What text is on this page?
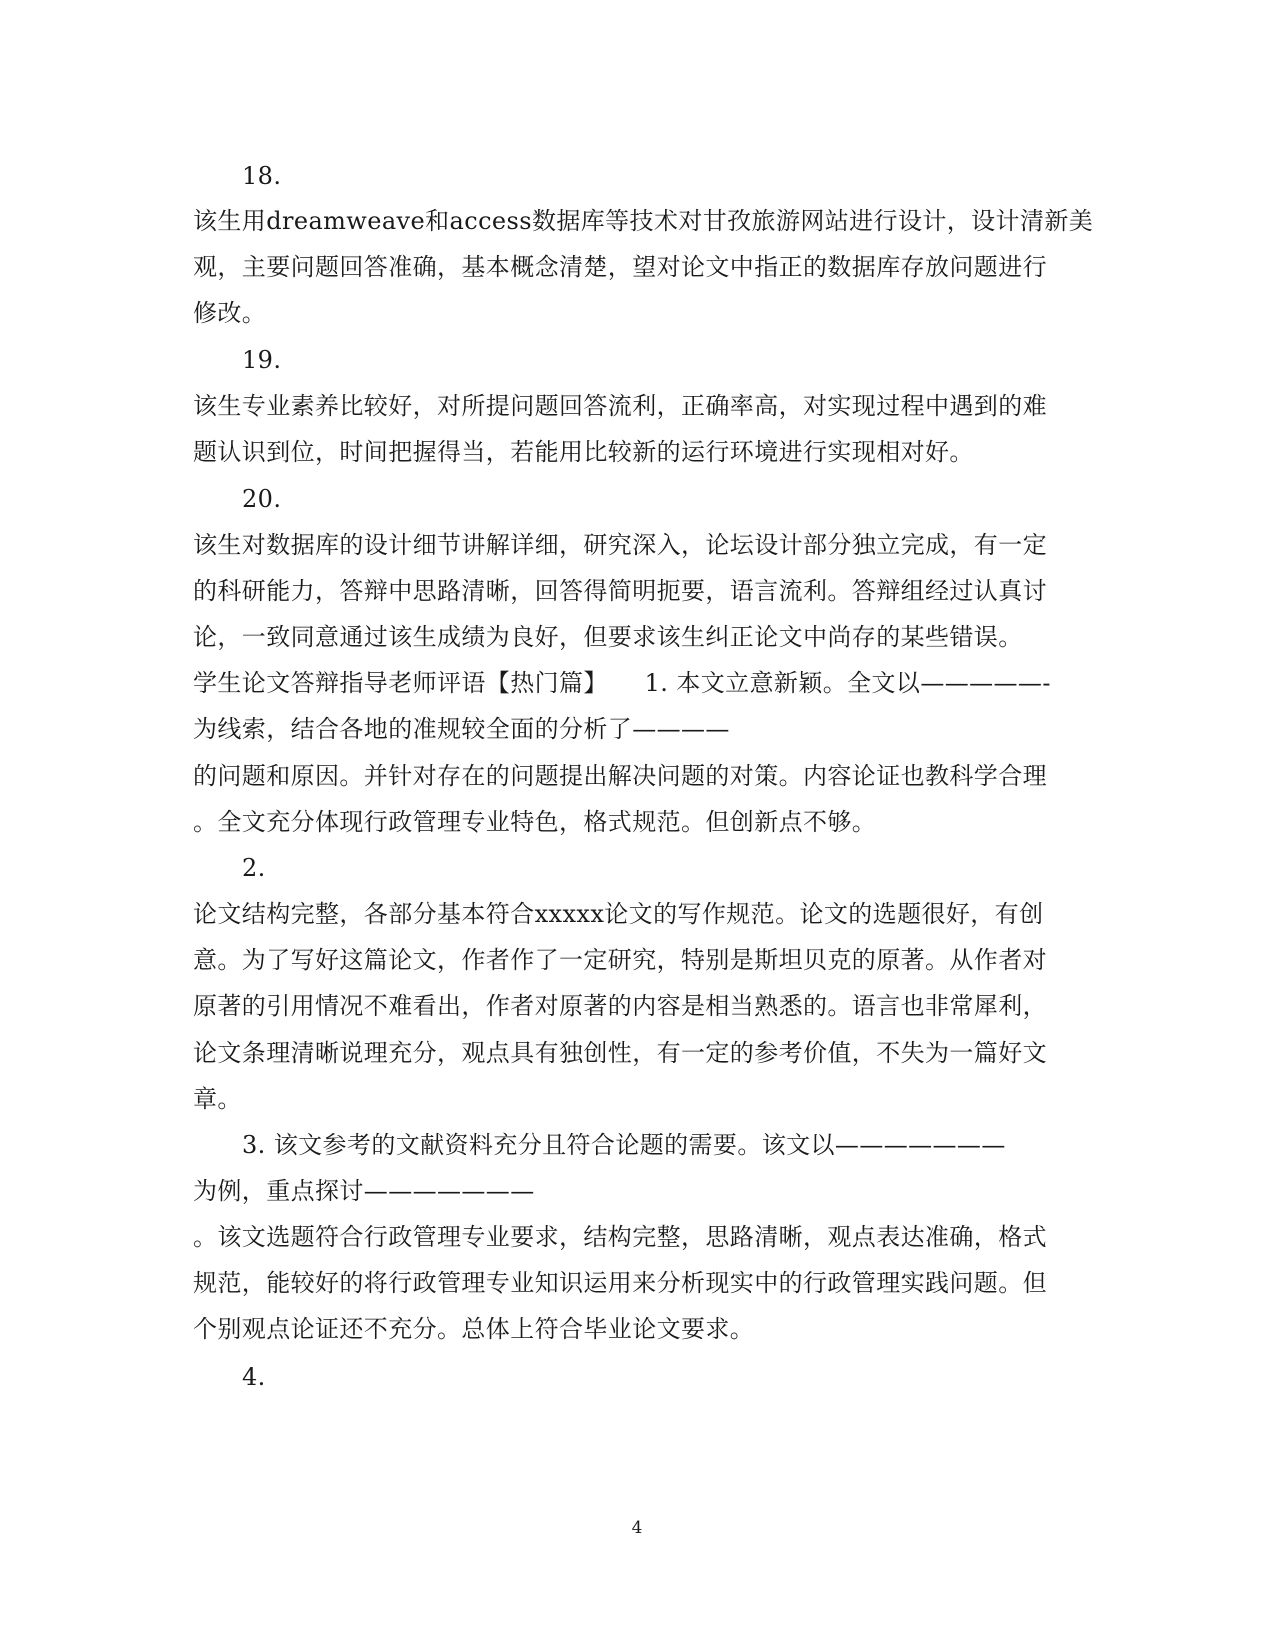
18.
该生用dreamweave和access数据库等技术对甘孜旅游网站进行设计，设计清新美
观，主要问题回答准确，基本概念清楚，望对论文中指正的数据库存放问题进行
修改。
19.
该生专业素养比较好，对所提问题回答流利，正确率高，对实现过程中遇到的难
题认识到位，时间把握得当，若能用比较新的运行环境进行实现相对好。
20.
该生对数据库的设计细节讲解详细，研究深入，论坛设计部分独立完成，有一定
的科研能力，答辩中思路清晰，回答得简明扼要，语言流利。答辩组经过认真讨
论，一致同意通过该生成绩为良好，但要求该生纠正论文中尚存的某些错误。
学生论文答辩指导老师评语【热门篇】　　1. 本文立意新颖。全文以—————-
为线索，结合各地的准规较全面的分析了————
的问题和原因。并针对存在的问题提出解决问题的对策。内容论证也教科学合理
。全文充分体现行政管理专业特色，格式规范。但创新点不够。
2.
论文结构完整，各部分基本符合xxxxx论文的写作规范。论文的选题很好，有创
意。为了写好这篇论文，作者作了一定研究，特别是斯坦贝克的原著。从作者对
原著的引用情况不难看出，作者对原著的内容是相当熟悉的。语言也非常犀利，
论文条理清晰说理充分，观点具有独创性，有一定的参考价值，不失为一篇好文
章。
3. 该文参考的文献资料充分且符合论题的需要。该文以———————
为例，重点探讨———————
。该文选题符合行政管理专业要求，结构完整，思路清晰，观点表达准确，格式
规范，能较好的将行政管理专业知识运用来分析现实中的行政管理实践问题。但
个别观点论证还不充分。总体上符合毕业论文要求。
4.
4
